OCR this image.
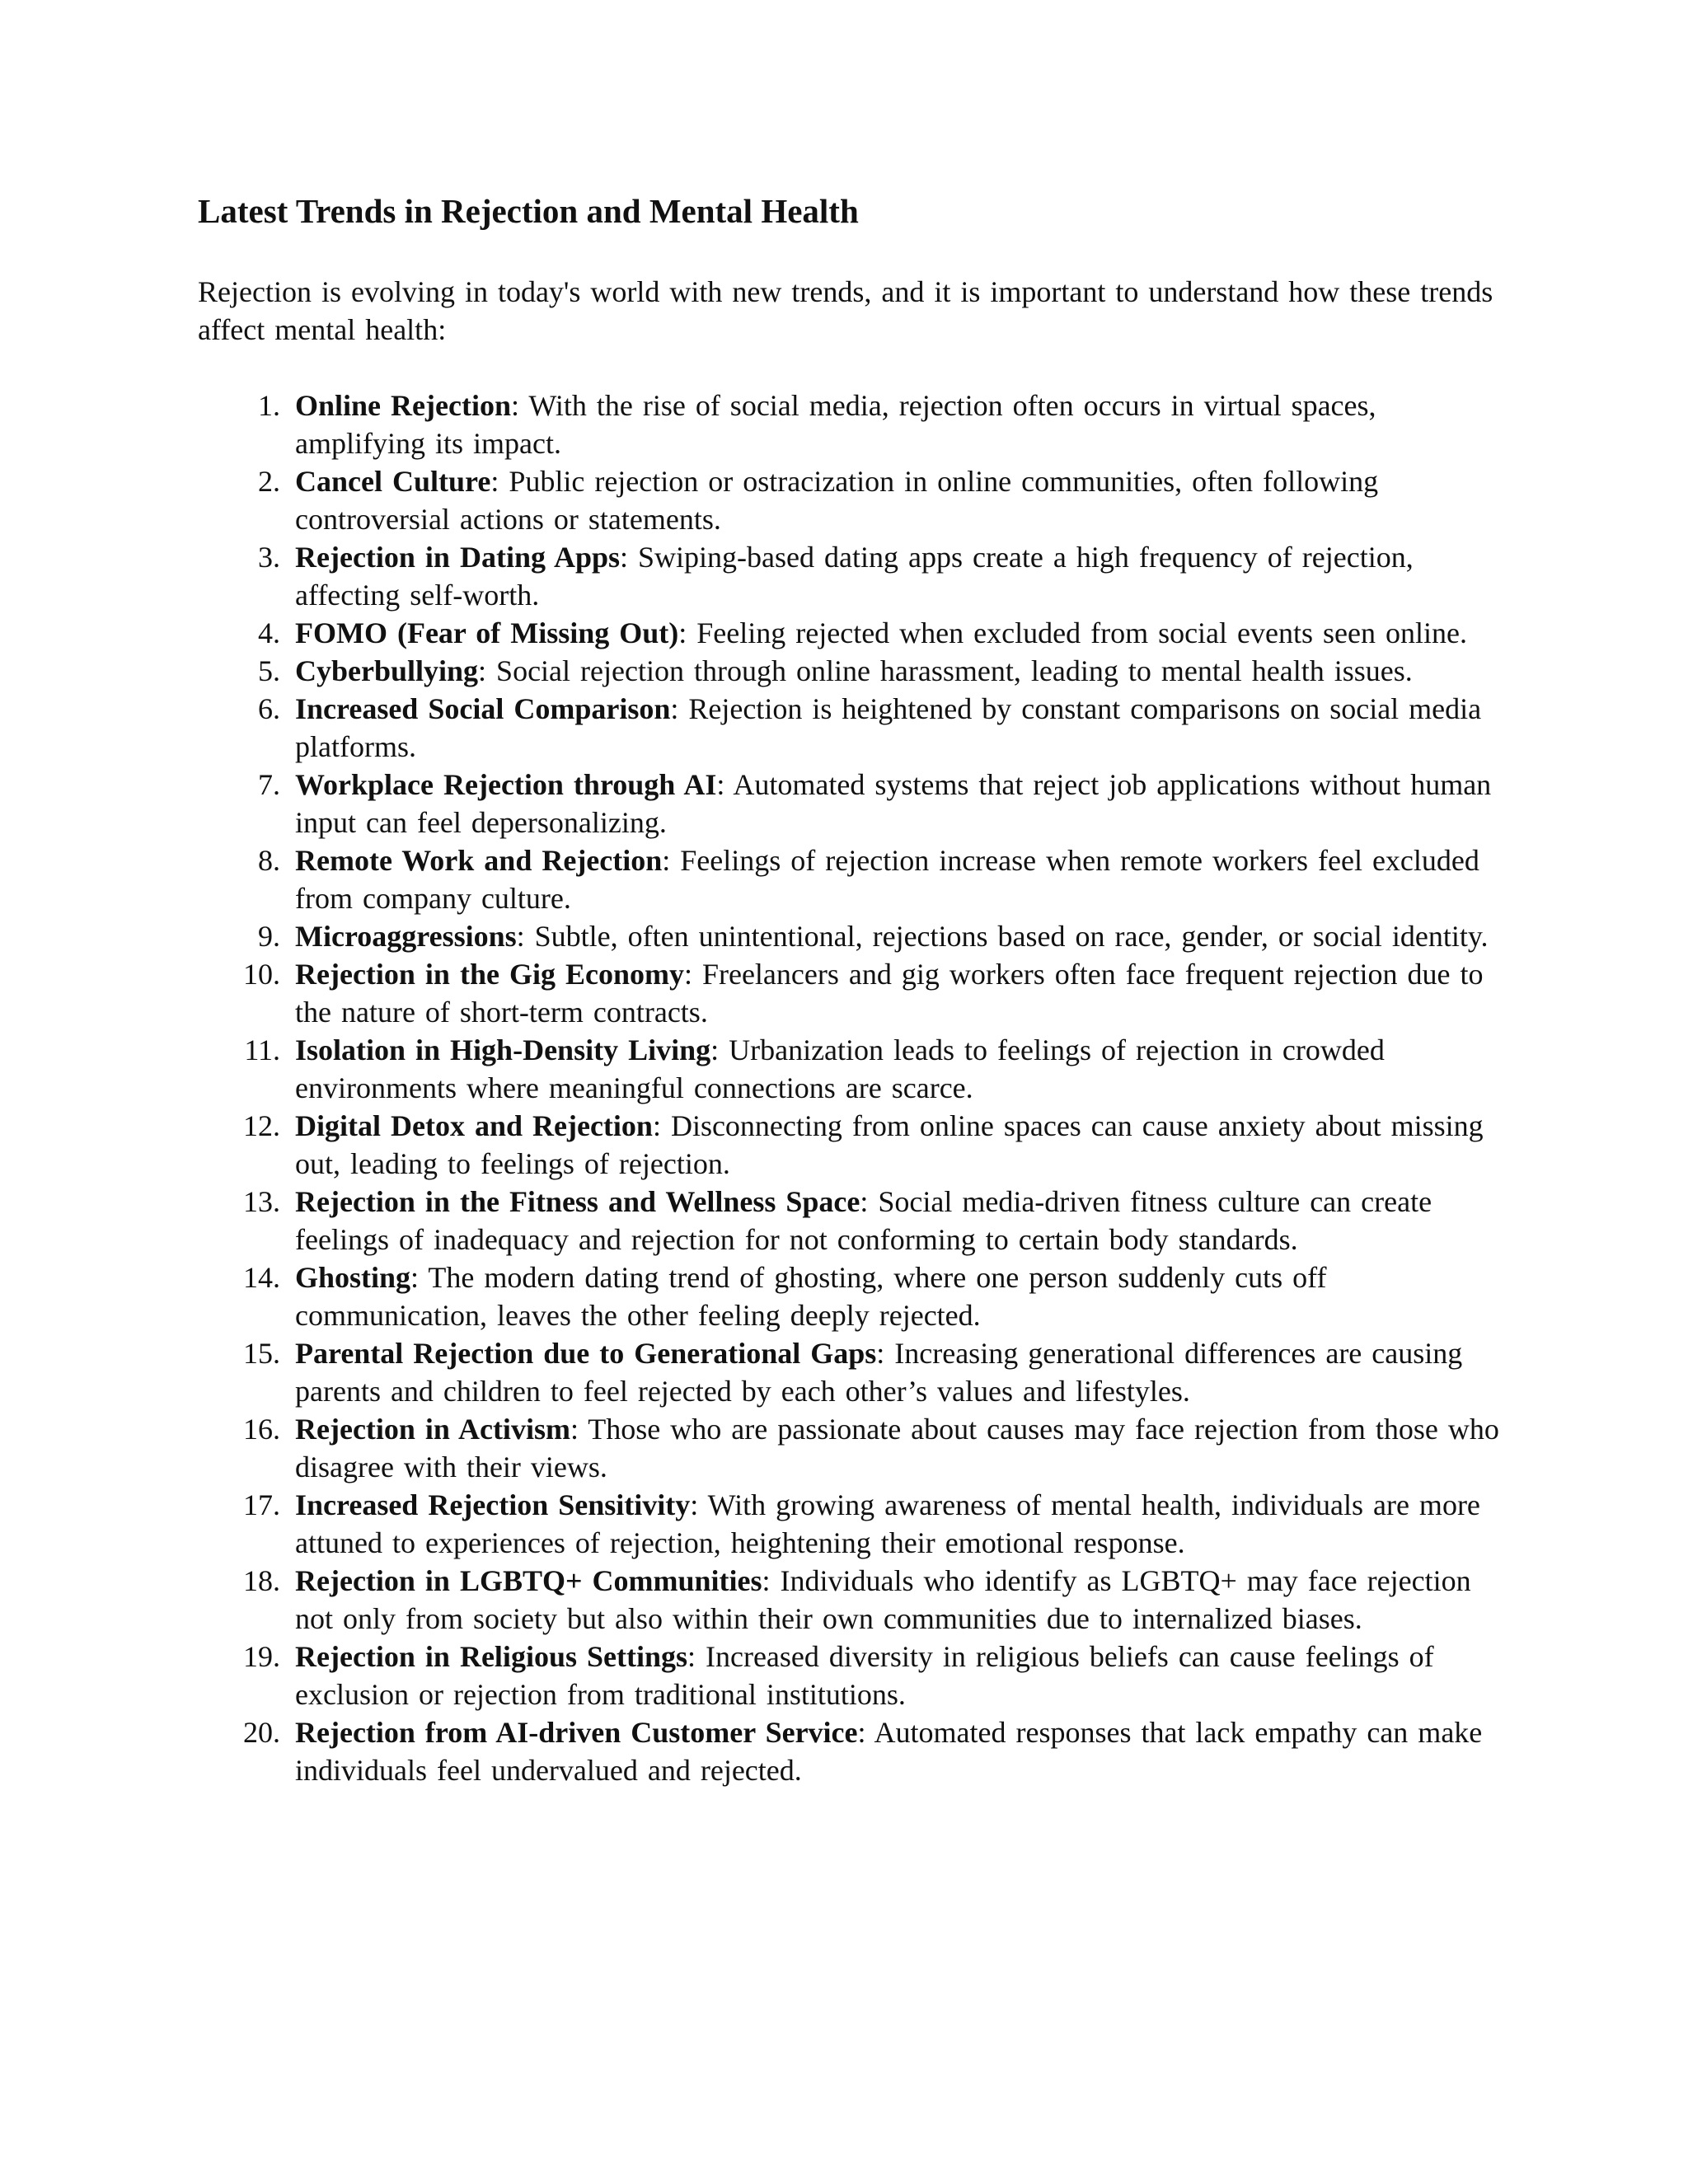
Latest Trends in Rejection and Mental Health

Rejection is evolving in today's world with new trends, and it is important to understand how these trends affect mental health:

1. Online Rejection: With the rise of social media, rejection often occurs in virtual spaces, amplifying its impact.
2. Cancel Culture: Public rejection or ostracization in online communities, often following controversial actions or statements.
3. Rejection in Dating Apps: Swiping-based dating apps create a high frequency of rejection, affecting self-worth.
4. FOMO (Fear of Missing Out): Feeling rejected when excluded from social events seen online.
5. Cyberbullying: Social rejection through online harassment, leading to mental health issues.
6. Increased Social Comparison: Rejection is heightened by constant comparisons on social media platforms.
7. Workplace Rejection through AI: Automated systems that reject job applications without human input can feel depersonalizing.
8. Remote Work and Rejection: Feelings of rejection increase when remote workers feel excluded from company culture.
9. Microaggressions: Subtle, often unintentional, rejections based on race, gender, or social identity.
10. Rejection in the Gig Economy: Freelancers and gig workers often face frequent rejection due to the nature of short-term contracts.
11. Isolation in High-Density Living: Urbanization leads to feelings of rejection in crowded environments where meaningful connections are scarce.
12. Digital Detox and Rejection: Disconnecting from online spaces can cause anxiety about missing out, leading to feelings of rejection.
13. Rejection in the Fitness and Wellness Space: Social media-driven fitness culture can create feelings of inadequacy and rejection for not conforming to certain body standards.
14. Ghosting: The modern dating trend of ghosting, where one person suddenly cuts off communication, leaves the other feeling deeply rejected.
15. Parental Rejection due to Generational Gaps: Increasing generational differences are causing parents and children to feel rejected by each other’s values and lifestyles.
16. Rejection in Activism: Those who are passionate about causes may face rejection from those who disagree with their views.
17. Increased Rejection Sensitivity: With growing awareness of mental health, individuals are more attuned to experiences of rejection, heightening their emotional response.
18. Rejection in LGBTQ+ Communities: Individuals who identify as LGBTQ+ may face rejection not only from society but also within their own communities due to internalized biases.
19. Rejection in Religious Settings: Increased diversity in religious beliefs can cause feelings of exclusion or rejection from traditional institutions.
20. Rejection from AI-driven Customer Service: Automated responses that lack empathy can make individuals feel undervalued and rejected.
